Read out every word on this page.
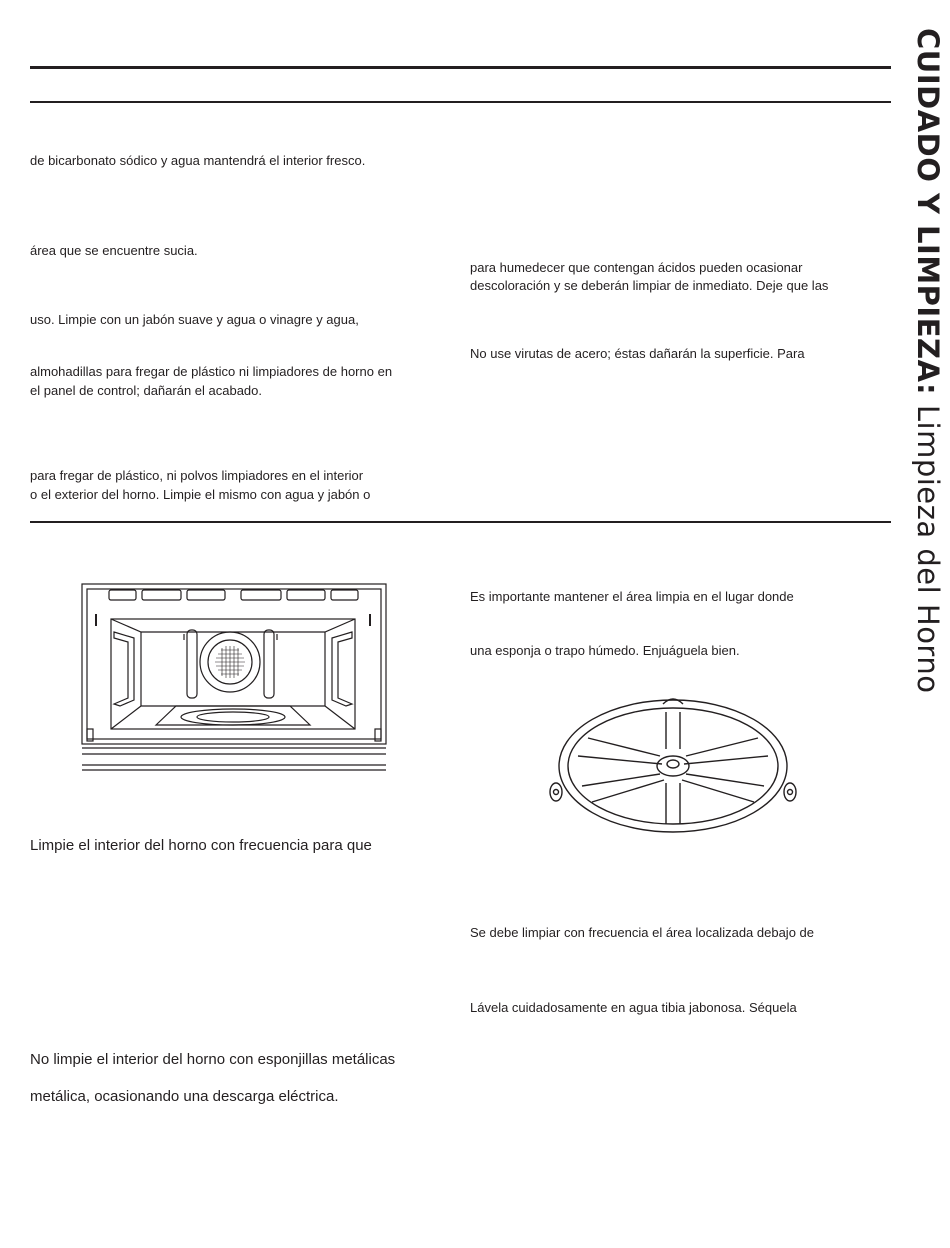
CUIDADO Y LIMPIEZA: Limpieza del Horno

de bicarbonato sódico y agua mantendrá el interior fresco.

área que se encuentre sucia.

uso. Limpie con un jabón suave y agua o vinagre y agua,

almohadillas para fregar de plástico ni limpiadores de horno en

el panel de control; dañarán el acabado.

para fregar de plástico, ni polvos limpiadores en el interior

o el exterior del horno. Limpie el mismo con agua y jabón o

para humedecer que contengan ácidos pueden ocasionar

descoloración y se deberán limpiar de inmediato. Deje que las

No use virutas de acero; éstas dañarán la superficie. Para

Es importante mantener el área limpia en el lugar donde

una esponja o trapo húmedo. Enjuáguela bien.

Limpie el interior del horno con frecuencia para que

No limpie el interior del horno con esponjillas metálicas

metálica, ocasionando una descarga eléctrica.

Se debe limpiar con frecuencia el área localizada debajo de

Lávela cuidadosamente en agua tibia jabonosa. Séquela
